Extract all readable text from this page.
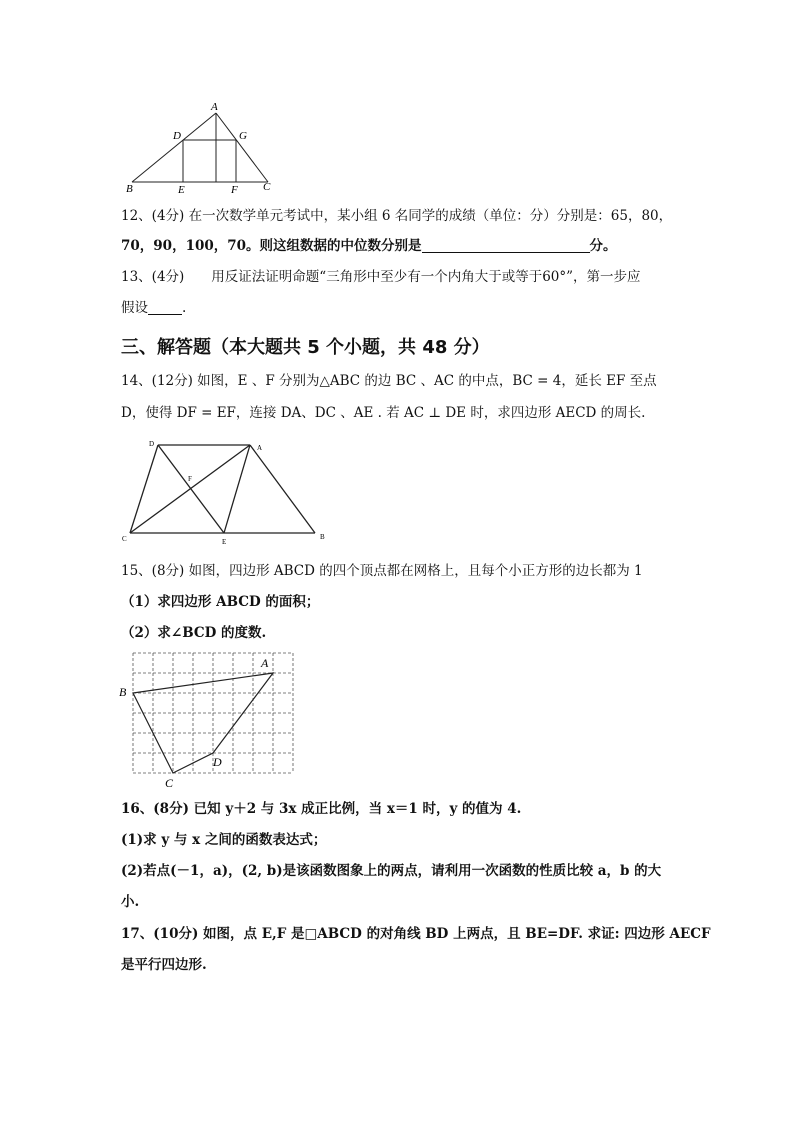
A
D	G
B	E	F C
12、(4分) 在一次数学单元考试中，某小组 6 名同学的成绩（单位：分）分别是：65，80，
70，90，100，70。则这组数据的中位数分别是	分。
13、(4分)　　用反证法证明命题“三角形中至少有一个内角大于或等于60°”，第一步应
假设	.
三、解答题（本大题共 5 个小题，共 48 分）
14、(12分) 如图，E 、F 分别为△ABC 的边 BC 、AC 的中点，BC = 4，延长 EF 至点
D，使得 DF = EF，连接 DA、DC 、AE . 若 AC ⊥ DE 时，求四边形 AECD 的周长.
D	A
F
C	E
B
15、(8分) 如图，四边形 ABCD 的四个顶点都在网格上，且每个小正方形的边长都为 1
（1）求四边形 ABCD 的面积；
（2）求∠BCD 的度数.
A
B
C
D
16、(8分) 已知 y＋2 与 3x 成正比例，当 x＝1 时，y 的值为 4.
(1)求 y 与 x 之间的函数表达式；
(2)若点(－1，a)，(2, b)是该函数图象上的两点，请利用一次函数的性质比较 a，b 的大
小.
17、(10分) 如图，点 E,F 是□ABCD 的对角线 BD 上两点，且 BE=DF. 求证: 四边形 AECF
是平行四边形.
